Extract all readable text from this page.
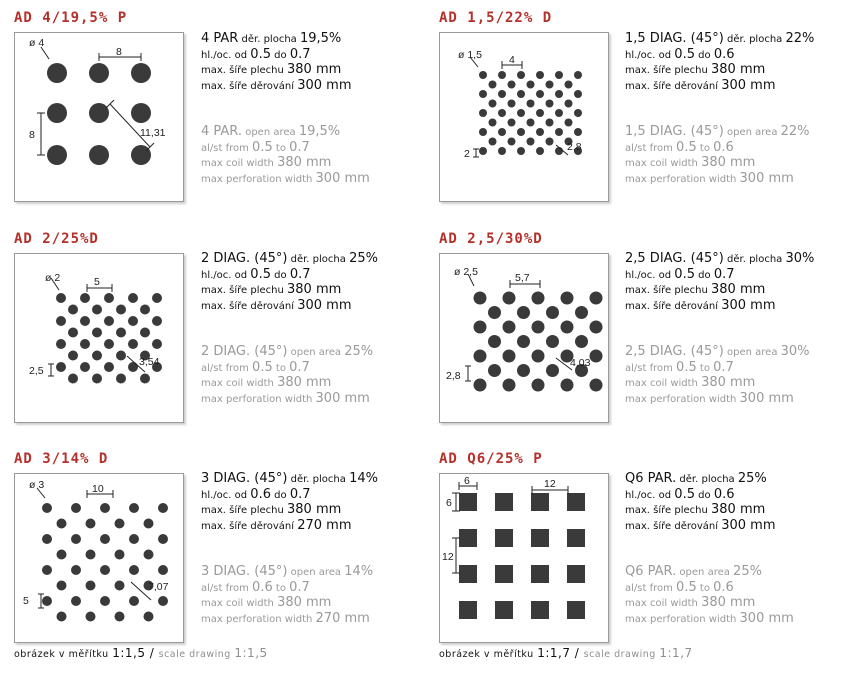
AD 4/19,5% P	AD 1,5/22% D
AD 2/25%D	AD 2,5/30%D
AD 3/14% D	AD Q6/25% P
ø 4
8
8	11,31
ø 1,5	4
2
2,8
ø 2	5
2,5
3,54
ø 2,5	5,7
2,8
4,03
ø 3	10
5
7,07
6	12
6
12
4 PAR děr. plocha 19,5%
hl./oc. od 0.5 do 0.7
max. šíře plechu 380 mm
max. šíře děrování 300 mm
4 PAR. open area 19,5%
al/st from 0.5 to 0.7
max coil width 380 mm
max perforation width 300 mm
1,5 DIAG. (45°) děr. plocha 22%
hl./oc. od 0.5 do 0.6
max. šíře plechu 380 mm
max. šíře děrování 300 mm
1,5 DIAG. (45°) open area 22%
al/st from 0.5 to 0.6
max coil width 380 mm
max perforation width 300 mm
2 DIAG. (45°) děr. plocha 25%
hl./oc. od 0.5 do 0.7
max. šíře plechu 380 mm
max. šíře děrování 300 mm
2 DIAG. (45°) open area 25%
al/st from 0.5 to 0.7
max coil width 380 mm
max perforation width 300 mm
2,5 DIAG. (45°) děr. plocha 30%
hl./oc. od 0.5 do 0.7
max. šíře plechu 380 mm
max. šíře děrování 300 mm
2,5 DIAG. (45°) open area 30%
al/st from 0.5 to 0.7
max coil width 380 mm
max perforation width 300 mm
3 DIAG. (45°) děr. plocha 14%
hl./oc. od 0.6 do 0.7
max. šíře plechu 380 mm
max. šíře děrování 270 mm
3 DIAG. (45°) open area 14%
al/st from 0.6 to 0.7
max coil width 380 mm
max perforation width 270 mm
Q6 PAR. děr. plocha 25%
hl./oc. od 0.5 do 0.6
max. šíře plechu 380 mm
max. šíře děrování 300 mm
Q6 PAR. open area 25%
al/st from 0.5 to 0.6
max coil width 380 mm
max perforation width 300 mm
obrázek v měřítku 1:1,5 / scale drawing 1:1,5	obrázek v měřítku 1:1,7 / scale drawing 1:1,7
